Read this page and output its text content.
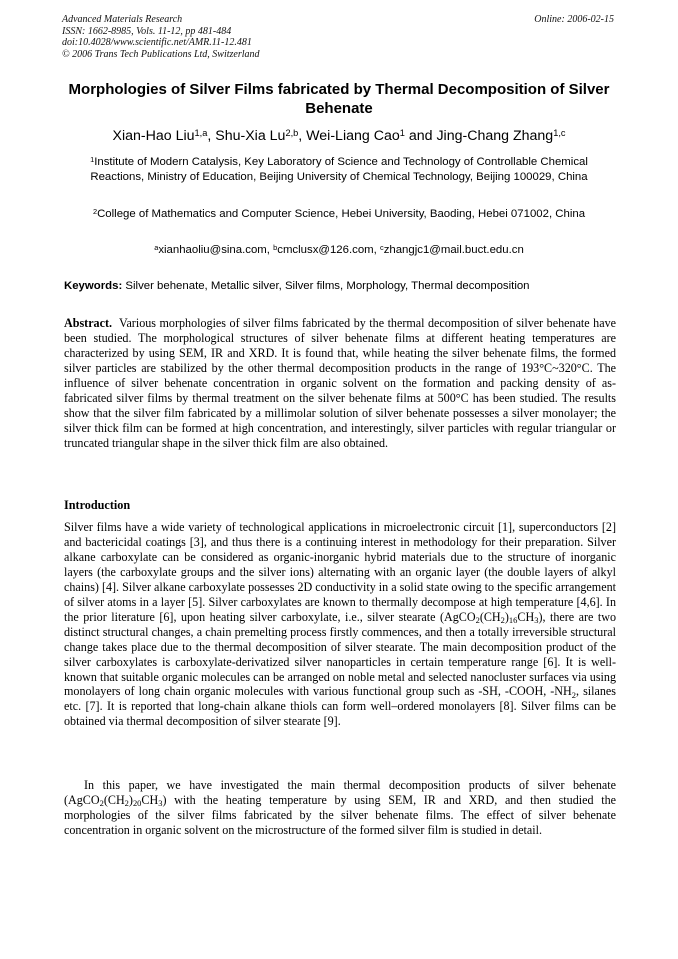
Advanced Materials Research
ISSN: 1662-8985, Vols. 11-12, pp 481-484
doi:10.4028/www.scientific.net/AMR.11-12.481
© 2006 Trans Tech Publications Ltd, Switzerland
Online: 2006-02-15
Morphologies of Silver Films fabricated by Thermal Decomposition of Silver Behenate
Xian-Hao Liu$^{1,a}$, Shu-Xia Lu$^{2,b}$, Wei-Liang Cao$^1$ and Jing-Chang Zhang$^{1,c}$
$^1$Institute of Modern Catalysis, Key Laboratory of Science and Technology of Controllable Chemical Reactions, Ministry of Education, Beijing University of Chemical Technology, Beijing 100029, China
$^2$College of Mathematics and Computer Science, Hebei University, Baoding, Hebei 071002, China
$^a$xianhaoliu@sina.com, $^b$cmclusx@126.com, $^c$zhangjc1@mail.buct.edu.cn
Keywords: Silver behenate, Metallic silver, Silver films, Morphology, Thermal decomposition

Abstract. Various morphologies of silver films fabricated by the thermal decomposition of silver behenate have been studied. The morphological structures of silver behenate films at different heating temperatures are characterized by using SEM, IR and XRD. It is found that, while heating the silver behenate films, the formed silver particles are stabilized by the other thermal decomposition products in the range of 193°C~320°C. The influence of silver behenate concentration in organic solvent on the formation and packing density of as-fabricated silver films by thermal treatment on the silver behenate films at 500°C has been studied. The results show that the silver film fabricated by a millimolar solution of silver behenate possesses a silver monolayer; the silver thick film can be formed at high concentration, and interestingly, silver particles with regular triangular or truncated triangular shape in the silver thick film are also obtained.

Introduction

Silver films have a wide variety of technological applications in microelectronic circuit [1], superconductors [2] and bactericidal coatings [3], and thus there is a continuing interest in methodology for their preparation. Silver alkane carboxylate can be considered as organic-inorganic hybrid materials due to the structure of inorganic layers (the carboxylate groups and the silver ions) alternating with an organic layer (the double layers of alkyl chains) [4]. Silver alkane carboxylate possesses 2D conductivity in a solid state owing to the specific arrangement of silver atoms in a layer [5]. Silver carboxylates are known to thermally decompose at high temperature [4,6]. In the prior literature [6], upon heating silver carboxylate, i.e., silver stearate $(AgCO_2(CH_2)_{16}CH_3)$, there are two distinct structural changes, a chain premelting process firstly commences, and then a totally irreversible structural change takes place due to the thermal decomposition of silver stearate. The main decomposition product of the silver carboxylates is carboxylate-derivatized silver nanoparticles in certain temperature range [6]. It is well-known that suitable organic molecules can be arranged on noble metal and selected nanocluster surfaces via using monolayers of long chain organic molecules with various functional group such as -SH, -COOH, $-NH_2$, silanes etc. [7]. It is reported that long-chain alkane thiols can form well–ordered monolayers [8]. Silver films can be obtained via thermal decomposition of silver stearate [9].

In this paper, we have investigated the main thermal decomposition products of silver behenate $(AgCO_2(CH_2)_{20}CH_3)$ with the heating temperature by using SEM, IR and XRD, and then studied the morphologies of the silver films fabricated by the silver behenate films. The effect of silver behenate concentration in organic solvent on the microstructure of the formed silver film is studied in detail.
